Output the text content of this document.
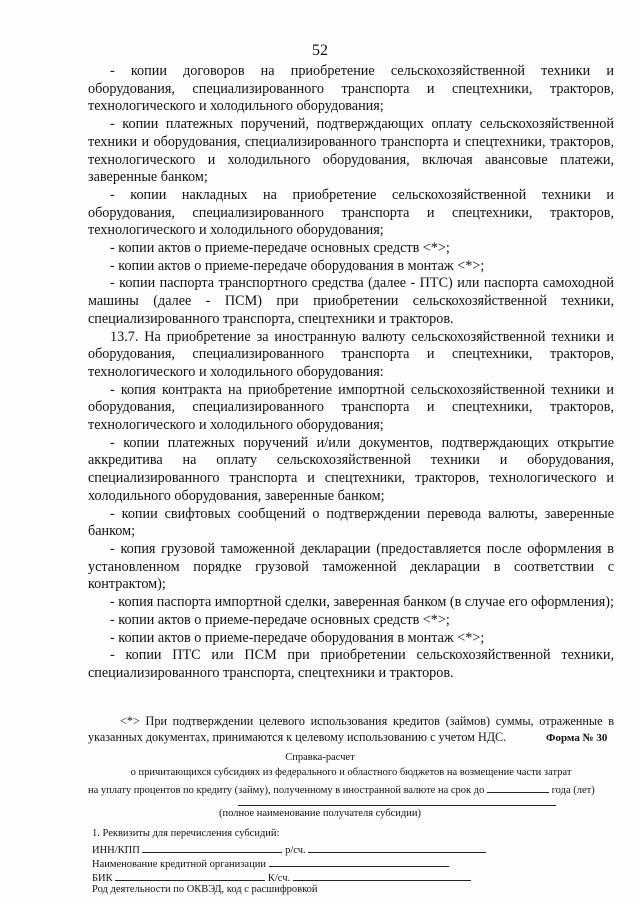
52

- копии договоров на приобретение сельскохозяйственной техники и оборудования, специализированного транспорта и спецтехники, тракторов, технологического и холодильного оборудования;

- копии платежных поручений, подтверждающих оплату сельскохозяйственной техники и оборудования, специализированного транспорта и спецтехники, тракторов, технологического и холодильного оборудования, включая авансовые платежи, заверенные банком;

- копии накладных на приобретение сельскохозяйственной техники и оборудования, специализированного транспорта и спецтехники, тракторов, технологического и холодильного оборудования;

- копии актов о приеме-передаче основных средств <*>;

- копии актов о приеме-передаче оборудования в монтаж <*>;

- копии паспорта транспортного средства (далее - ПТС) или паспорта самоходной машины (далее - ПСМ) при приобретении сельскохозяйственной техники, специализированного транспорта, спецтехники и тракторов.

13.7. На приобретение за иностранную валюту сельскохозяйственной техники и оборудования, специализированного транспорта и спецтехники, тракторов, технологического и холодильного оборудования:

- копия контракта на приобретение импортной сельскохозяйственной техники и оборудования, специализированного транспорта и спецтехники, тракторов, технологического и холодильного оборудования;

- копии платежных поручений и/или документов, подтверждающих открытие аккредитива на оплату сельскохозяйственной техники и оборудования, специализированного транспорта и спецтехники, тракторов, технологического и холодильного оборудования, заверенные банком;

- копии свифтовых сообщений о подтверждении перевода валюты, заверенные банком;

- копия грузовой таможенной декларации (предоставляется после оформления в установленном порядке грузовой таможенной декларации в соответствии с контрактом);

- копия паспорта импортной сделки, заверенная банком (в случае его оформления);

- копии актов о приеме-передаче основных средств <*>;

- копии актов о приеме-передаче оборудования в монтаж <*>;

- копии ПТС или ПСМ при приобретении сельскохозяйственной техники, специализированного транспорта, спецтехники и тракторов.

<*> При подтверждении целевого использования кредитов (займов) суммы, отраженные в указанных документах, принимаются к целевому использованию с учетом НДС.	Форма № 30
Справка-расчет
о причитающихся субсидиях из федерального и областного бюджетов на возмещение части затрат
на уплату процентов по кредиту (займу), полученному в иностранной валюте на срок до	года (лет)
(полное наименование получателя субсидии)
1. Реквизиты для перечисления субсидий:
ИНН/КПП	р/сч.
Наименование кредитной организации
БИК	К/сч.
Род деятельности по ОКВЭД, код с расшифровкой
